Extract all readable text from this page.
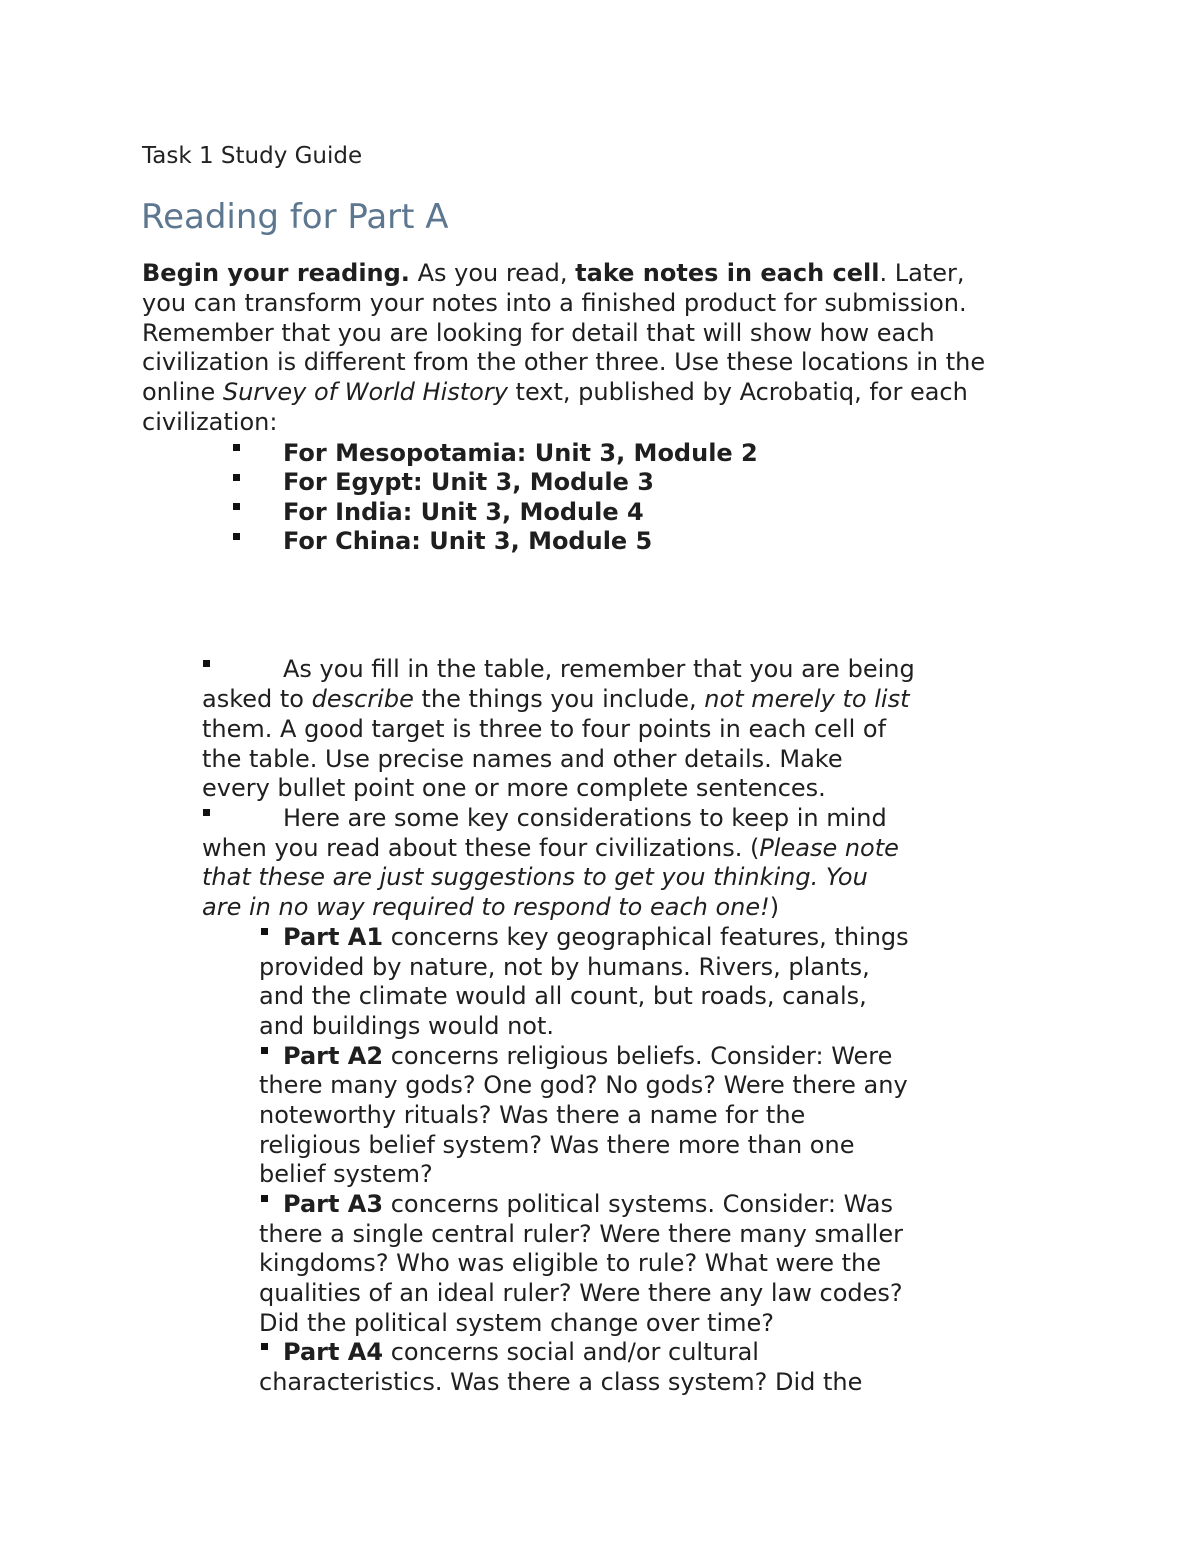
Task 1 Study Guide
Reading for Part A
Begin your reading. As you read, take notes in each cell. Later,
you can transform your notes into a finished product for submission.
Remember that you are looking for detail that will show how each
civilization is different from the other three. Use these locations in the
online Survey of World History text, published by Acrobatiq, for each
civilization:
For Mesopotamia: Unit 3, Module 2
For Egypt: Unit 3, Module 3
For India: Unit 3, Module 4
For China: Unit 3, Module 5
As you fill in the table, remember that you are being
asked to describe the things you include, not merely to list
them. A good target is three to four points in each cell of
the table. Use precise names and other details. Make
every bullet point one or more complete sentences.
Here are some key considerations to keep in mind
when you read about these four civilizations. (Please note
that these are just suggestions to get you thinking. You
are in no way required to respond to each one!)
Part A1 concerns key geographical features, things
provided by nature, not by humans. Rivers, plants,
and the climate would all count, but roads, canals,
and buildings would not.
Part A2 concerns religious beliefs. Consider: Were
there many gods? One god? No gods? Were there any
noteworthy rituals? Was there a name for the
religious belief system? Was there more than one
belief system?
Part A3 concerns political systems. Consider: Was
there a single central ruler? Were there many smaller
kingdoms? Who was eligible to rule? What were the
qualities of an ideal ruler? Were there any law codes?
Did the political system change over time?
Part A4 concerns social and/or cultural
characteristics. Was there a class system? Did the
